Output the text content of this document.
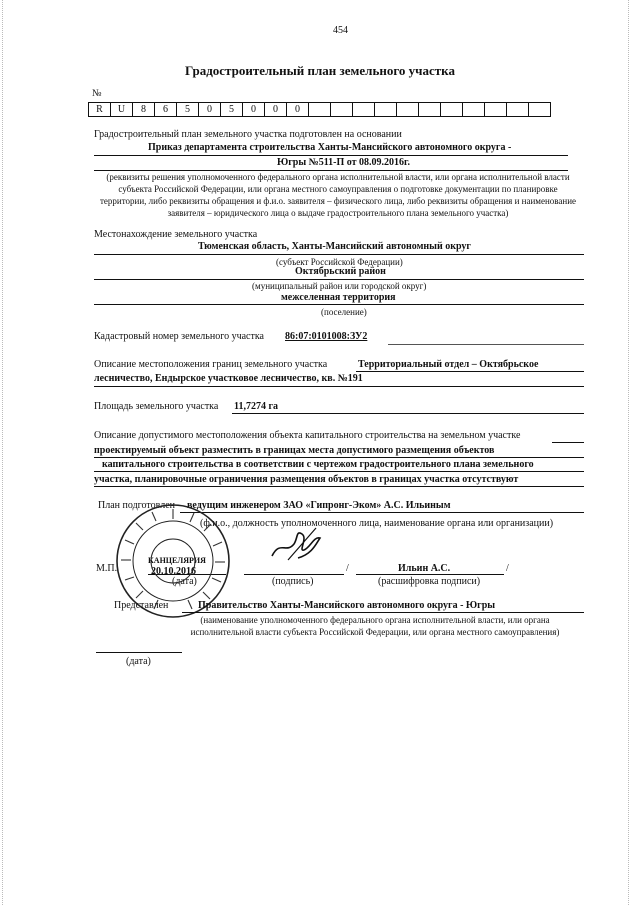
454
Градостроительный план земельного участка
№
R	U	8	6	5	0	5	0	0	0											
Градостроительный план земельного участка подготовлен на основании
Приказ департамента строительства Ханты-Мансийского автономного округа -
Югры №511-П от 08.09.2016г.
(реквизиты решения уполномоченного федерального органа исполнительной власти, или органа исполнительной власти субъекта Российской Федерации, или органа местного самоуправления о подготовке документации по планировке территории, либо реквизиты обращения и ф.и.о. заявителя – физического лица, либо реквизиты обращения и наименование заявителя – юридического лица о выдаче градостроительного плана земельного участка)
Местонахождение земельного участка
Тюменская область, Ханты-Мансийский автономный округ
(субъект Российской Федерации)
Октябрьский район
(муниципальный район или городской округ)
межселенная территория
(поселение)
Кадастровый номер земельного участка 86:07:0101008:ЗУ2
Описание местоположения границ земельного участка	Территориальный отдел – Октябрьское
лесничество, Ендырское участковое лесничество, кв. №191
Площадь земельного участка 11,7274 га
Описание допустимого местоположения объекта капитального строительства на земельном участке
проектируемый объект разместить в границах места допустимого размещения объектов
капитального строительства в соответствии с чертежом градостроительного плана земельного
участка, планировочные ограничения размещения объектов в границах участка отсутствуют
План подготовлен ведущим инженером ЗАО «Гипронг-Эком» А.С. Ильиным
(ф.и.о., должность уполномоченного лица, наименование органа или организации)
М.П.	20.10.2016
(дата)	(подпись)
/	Ильин А.С.	/
(расшифровка подписи)
КАНЦЕЛЯРИЯ
Представлен	Правительство Ханты-Мансийского автономного округа - Югры
(наименование уполномоченного федерального органа исполнительной власти, или органа
исполнительной власти субъекта Российской Федерации, или органа местного самоуправления)
(дата)
